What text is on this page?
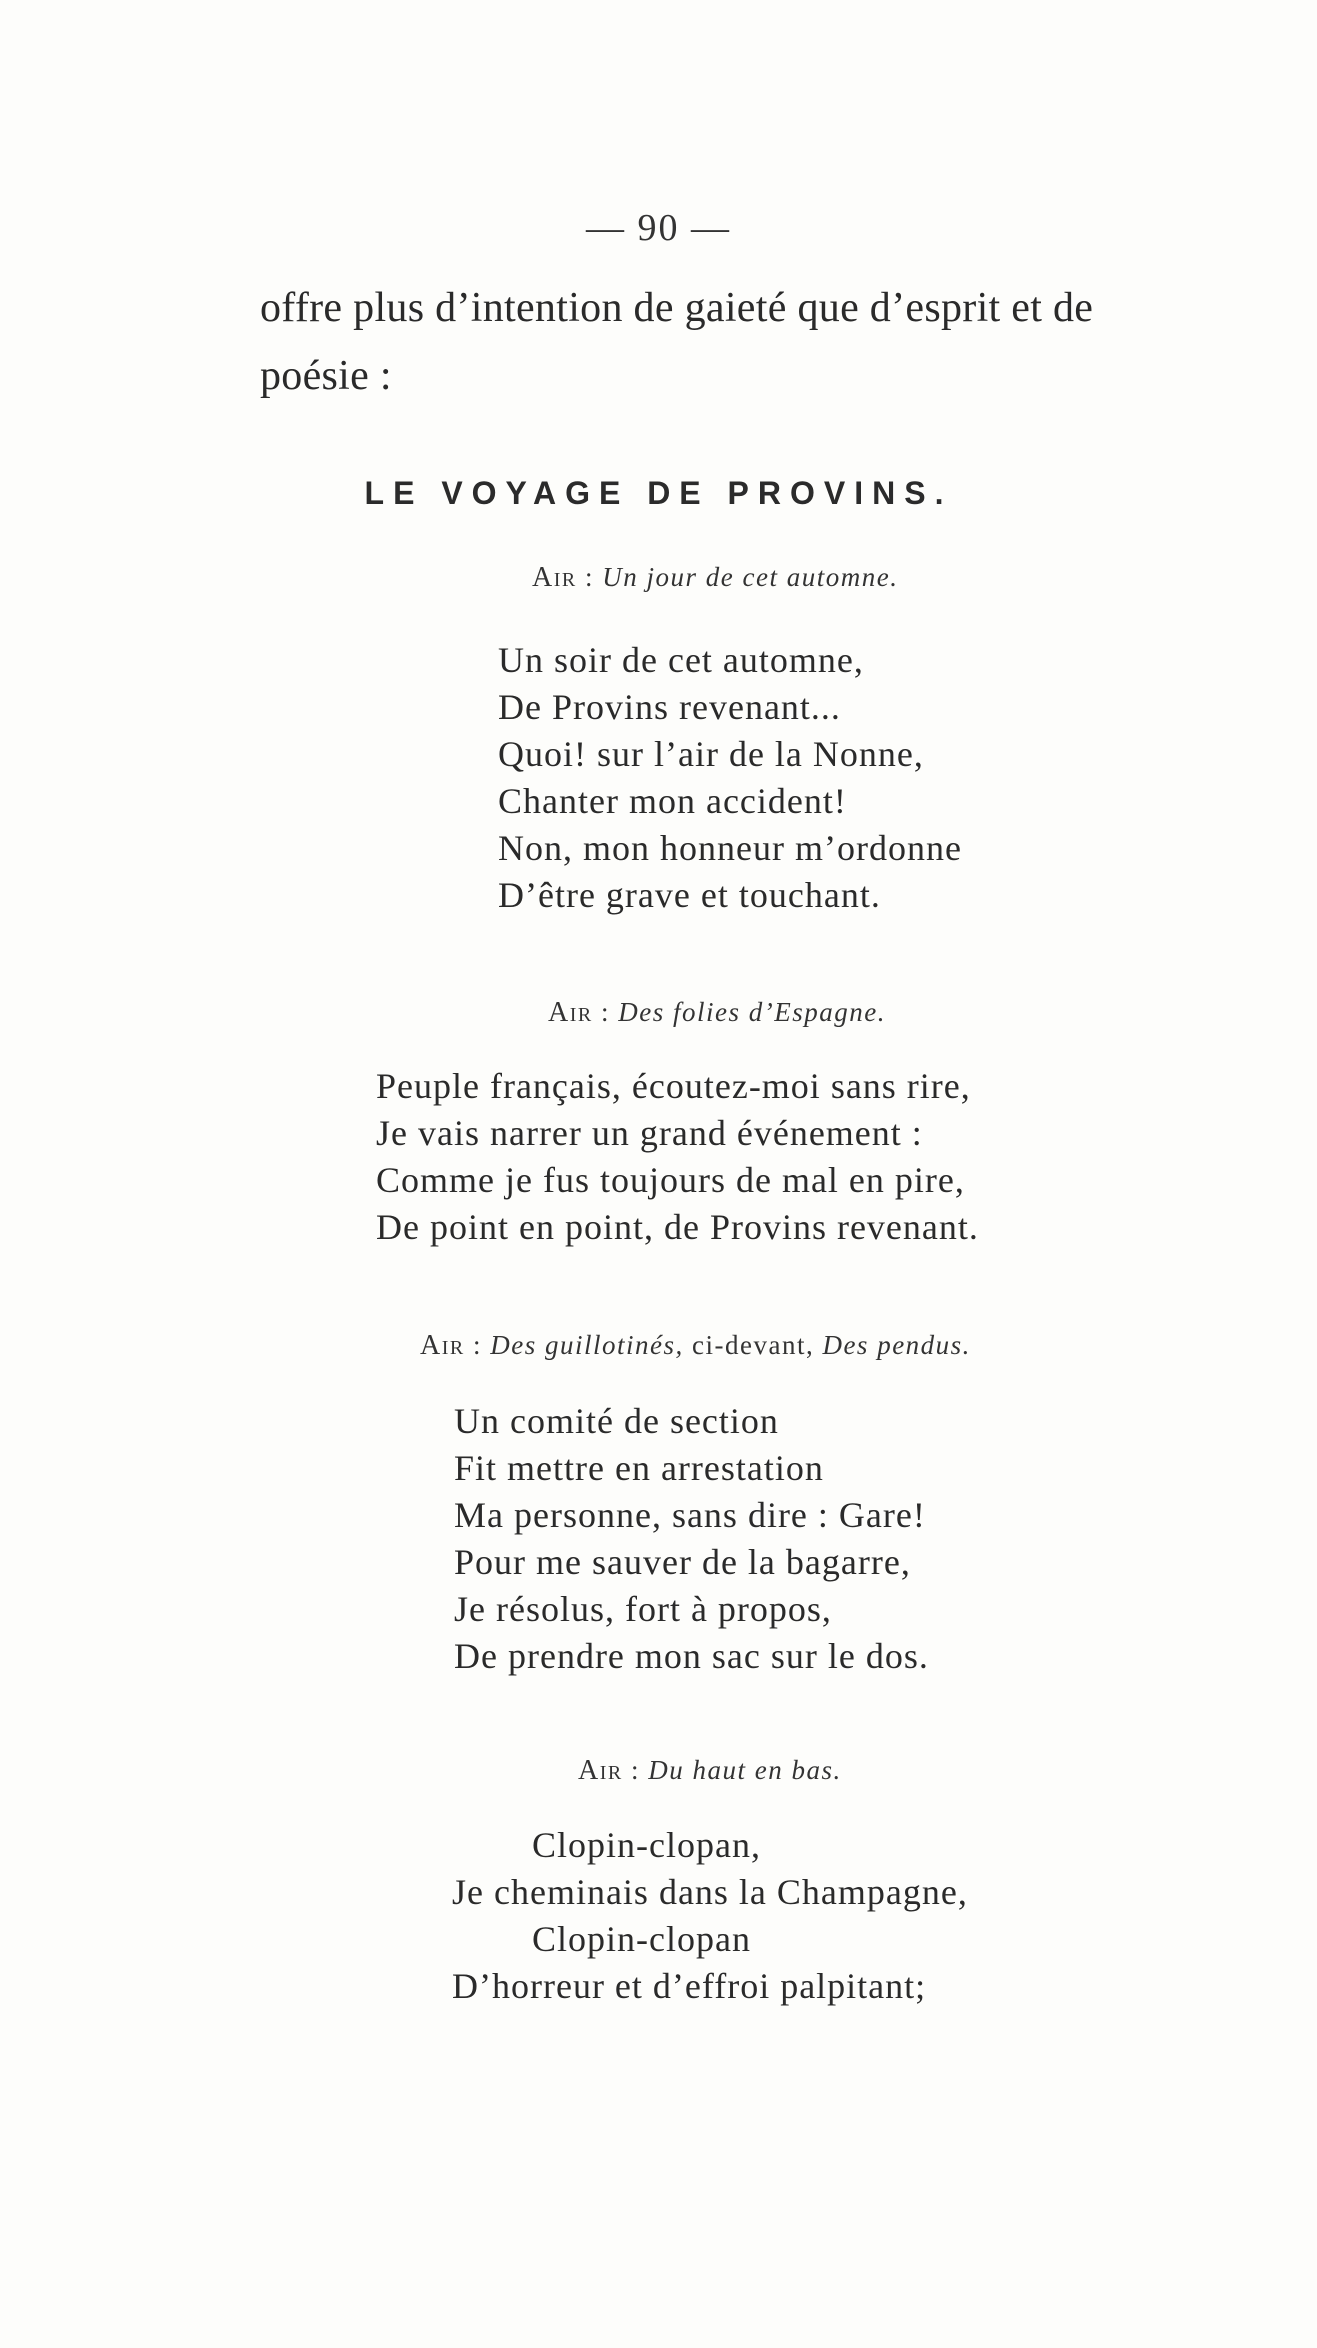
— 90 —
offre plus d’intention de gaieté que d’esprit et de
poésie :
LE VOYAGE DE PROVINS.
Air : Un jour de cet automne.
Un soir de cet automne,
De Provins revenant...
Quoi! sur l’air de la Nonne,
Chanter mon accident!
Non, mon honneur m’ordonne
D’être grave et touchant.
Air : Des folies d’Espagne.
Peuple français, écoutez-moi sans rire,
Je vais narrer un grand événement :
Comme je fus toujours de mal en pire,
De point en point, de Provins revenant.
Air : Des guillotinés, ci-devant, Des pendus.
Un comité de section
Fit mettre en arrestation
Ma personne, sans dire : Gare!
Pour me sauver de la bagarre,
Je résolus, fort à propos,
De prendre mon sac sur le dos.
Air : Du haut en bas.
Clopin-clopan,
Je cheminais dans la Champagne,
Clopin-clopan
D’horreur et d’effroi palpitant;
